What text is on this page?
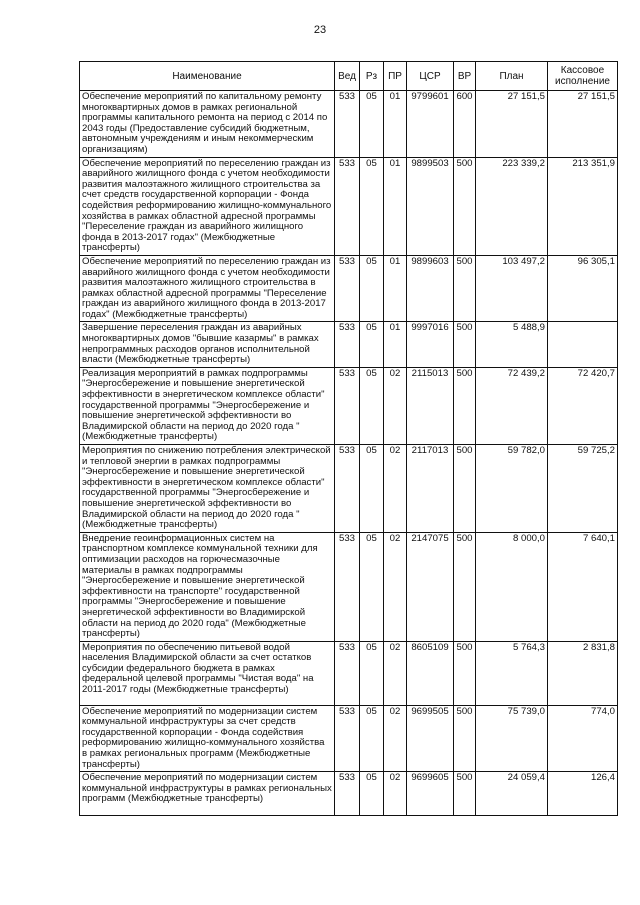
23
Наименование	Вед	Рз	ПР	ЦСР	ВР	План	Кассовое исполнение
Обеспечение мероприятий по капитальному ремонту многоквартирных домов в рамках региональной программы капитального ремонта на период с 2014 по 2043 годы (Предоставление субсидий бюджетным, автономным учреждениям и иным некоммерческим организациям)	533	05	01	9799601	600	27 151,5	27 151,5
Обеспечение мероприятий по переселению граждан из аварийного жилищного фонда с учетом необходимости развития малоэтажного жилищного строительства за счет средств государственной корпорации - Фонда содействия реформированию жилищно-коммунального хозяйства в рамках областной адресной программы "Переселение граждан из аварийного жилищного фонда в 2013-2017 годах" (Межбюджетные трансферты)	533	05	01	9899503	500	223 339,2	213 351,9
Обеспечение мероприятий по переселению граждан из аварийного жилищного фонда с учетом необходимости развития малоэтажного жилищного строительства в рамках областной адресной программы "Переселение граждан из аварийного жилищного фонда в 2013-2017 годах" (Межбюджетные трансферты)	533	05	01	9899603	500	103 497,2	96 305,1
Завершение переселения граждан из аварийных многоквартирных домов "бывшие казармы" в рамках непрограммных расходов органов исполнительной власти (Межбюджетные трансферты)	533	05	01	9997016	500	5 488,9	
Реализация мероприятий в рамках подпрограммы "Энергосбережение и повышение энергетической эффективности в энергетическом комплексе области" государственной программы "Энергосбережение и повышение энергетической эффективности во Владимирской области на период до 2020 года " (Межбюджетные трансферты)	533	05	02	2115013	500	72 439,2	72 420,7
Мероприятия по снижению потребления электрической и тепловой энергии в рамках подпрограммы "Энергосбережение и повышение энергетической эффективности в энергетическом комплексе области" государственной программы "Энергосбережение и повышение энергетической эффективности во Владимирской области на период до 2020 года " (Межбюджетные трансферты)	533	05	02	2117013	500	59 782,0	59 725,2
Внедрение геоинформационных систем на транспортном комплексе коммунальной техники для оптимизации расходов на горючесмазочные материалы в рамках подпрограммы "Энергосбережение и повышение энергетической эффективности на транспорте" государственной программы "Энергосбережение и повышение энергетической эффективности во Владимирской области на период до 2020 года" (Межбюджетные трансферты)	533	05	02	2147075	500	8 000,0	7 640,1
Мероприятия по обеспечению питьевой водой населения Владимирской области за счет остатков субсидии федерального бюджета в рамках федеральной целевой программы "Чистая вода" на 2011-2017 годы (Межбюджетные трансферты)	533	05	02	8605109	500	5 764,3	2 831,8
Обеспечение мероприятий по модернизации систем коммунальной инфраструктуры за счет средств государственной корпорации - Фонда содействия реформированию жилищно-коммунального хозяйства в рамках региональных программ (Межбюджетные трансферты)	533	05	02	9699505	500	75 739,0	774,0
Обеспечение мероприятий по модернизации систем коммунальной инфраструктуры в рамках региональных программ (Межбюджетные трансферты)	533	05	02	9699605	500	24 059,4	126,4
